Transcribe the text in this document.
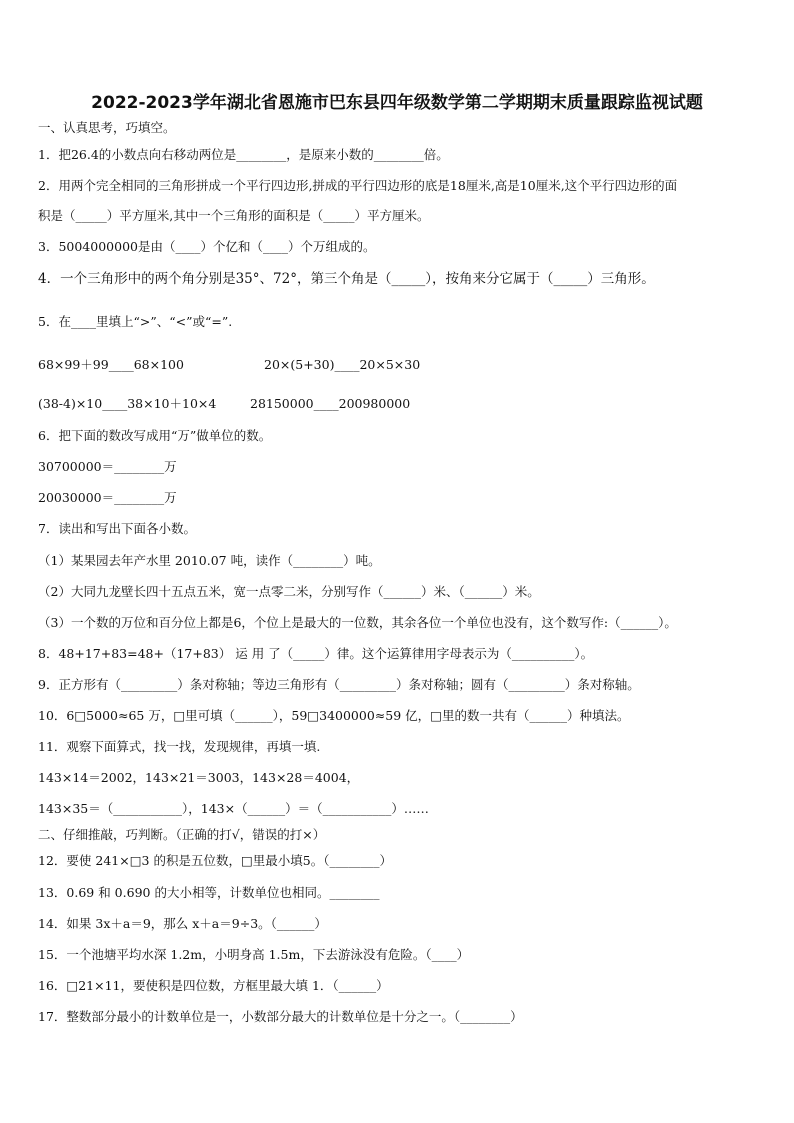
2022-2023学年湖北省恩施市巴东县四年级数学第二学期期末质量跟踪监视试题
一、认真思考，巧填空。
1．把26.4的小数点向右移动两位是________，是原来小数的________倍。
2．用两个完全相同的三角形拼成一个平行四边形,拼成的平行四边形的底是18厘米,高是10厘米,这个平行四边形的面
积是（_____）平方厘米,其中一个三角形的面积是（_____）平方厘米。
3．5004000000是由（____）个亿和（____）个万组成的。
4．一个三角形中的两个角分别是35°、72°，第三个角是（_____），按角来分它属于（_____）三角形。
5．在____里填上“>”、“<”或“=”.
68×99＋99____68×100	20×(5+30)____20×5×30
(38-4)×10____38×10＋10×4	28150000____200980000
6．把下面的数改写成用“万”做单位的数。
30700000＝________万
20030000＝________万
7．读出和写出下面各小数。
（1）某果园去年产水里 2010.07 吨，读作（________）吨。
（2）大同九龙壁长四十五点五米，宽一点零二米，分别写作（______）米、（______）米。
（3）一个数的万位和百分位上都是6，个位上是最大的一位数，其余各位一个单位也没有，这个数写作:（______）。
8．48+17+83=48+（17+83） 运 用 了（_____）律。这个运算律用字母表示为（__________）。
9．正方形有（_________）条对称轴；等边三角形有（_________）条对称轴；圆有（_________）条对称轴。
10．6□5000≈65 万，□里可填（______），59□3400000≈59 亿，□里的数一共有（______）种填法。
11．观察下面算式，找一找，发现规律，再填一填.
143×14＝2002，143×21＝3003，143×28＝4004，
143×35＝（___________），143×（______）＝（___________）……
二、仔细推敲，巧判断。（正确的打√，错误的打×）
12．要使 241×□3 的积是五位数，□里最小填5。（________）
13．0.69 和 0.690 的大小相等，计数单位也相同。________
14．如果 3x＋a＝9，那么 x＋a＝9÷3。（______）
15．一个池塘平均水深 1.2m，小明身高 1.5m，下去游泳没有危险。（____）
16．□21×11，要使积是四位数，方框里最大填 1．（______）
17．整数部分最小的计数单位是一，小数部分最大的计数单位是十分之一。（________）
